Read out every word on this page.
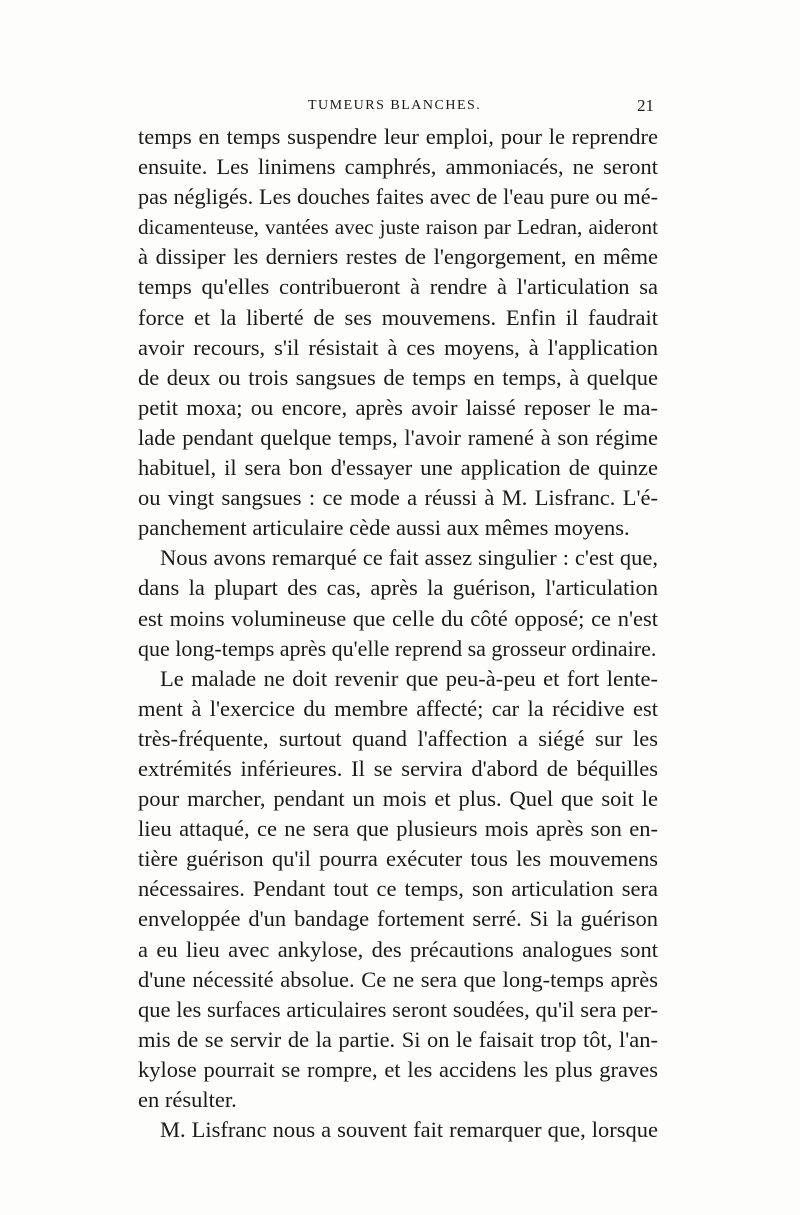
TUMEURS BLANCHES.	21
temps en temps suspendre leur emploi, pour le reprendre
ensuite. Les linimens camphrés, ammoniacés, ne seront
pas négligés. Les douches faites avec de l'eau pure ou mé-
dicamenteuse, vantées avec juste raison par Ledran, aideront
à dissiper les derniers restes de l'engorgement, en même
temps qu'elles contribueront à rendre à l'articulation sa
force et la liberté de ses mouvemens. Enfin il faudrait
avoir recours, s'il résistait à ces moyens, à l'application
de deux ou trois sangsues de temps en temps, à quelque
petit moxa; ou encore, après avoir laissé reposer le ma-
lade pendant quelque temps, l'avoir ramené à son régime
habituel, il sera bon d'essayer une application de quinze
ou vingt sangsues : ce mode a réussi à M. Lisfranc. L'é-
panchement articulaire cède aussi aux mêmes moyens.
Nous avons remarqué ce fait assez singulier : c'est que,
dans la plupart des cas, après la guérison, l'articulation
est moins volumineuse que celle du côté opposé; ce n'est
que long-temps après qu'elle reprend sa grosseur ordinaire.
Le malade ne doit revenir que peu-à-peu et fort lente-
ment à l'exercice du membre affecté; car la récidive est
très-fréquente, surtout quand l'affection a siégé sur les
extrémités inférieures. Il se servira d'abord de béquilles
pour marcher, pendant un mois et plus. Quel que soit le
lieu attaqué, ce ne sera que plusieurs mois après son en-
tière guérison qu'il pourra exécuter tous les mouvemens
nécessaires. Pendant tout ce temps, son articulation sera
enveloppée d'un bandage fortement serré. Si la guérison
a eu lieu avec ankylose, des précautions analogues sont
d'une nécessité absolue. Ce ne sera que long-temps après
que les surfaces articulaires seront soudées, qu'il sera per-
mis de se servir de la partie. Si on le faisait trop tôt, l'an-
kylose pourrait se rompre, et les accidens les plus graves
en résulter.
M. Lisfranc nous a souvent fait remarquer que, lorsque
